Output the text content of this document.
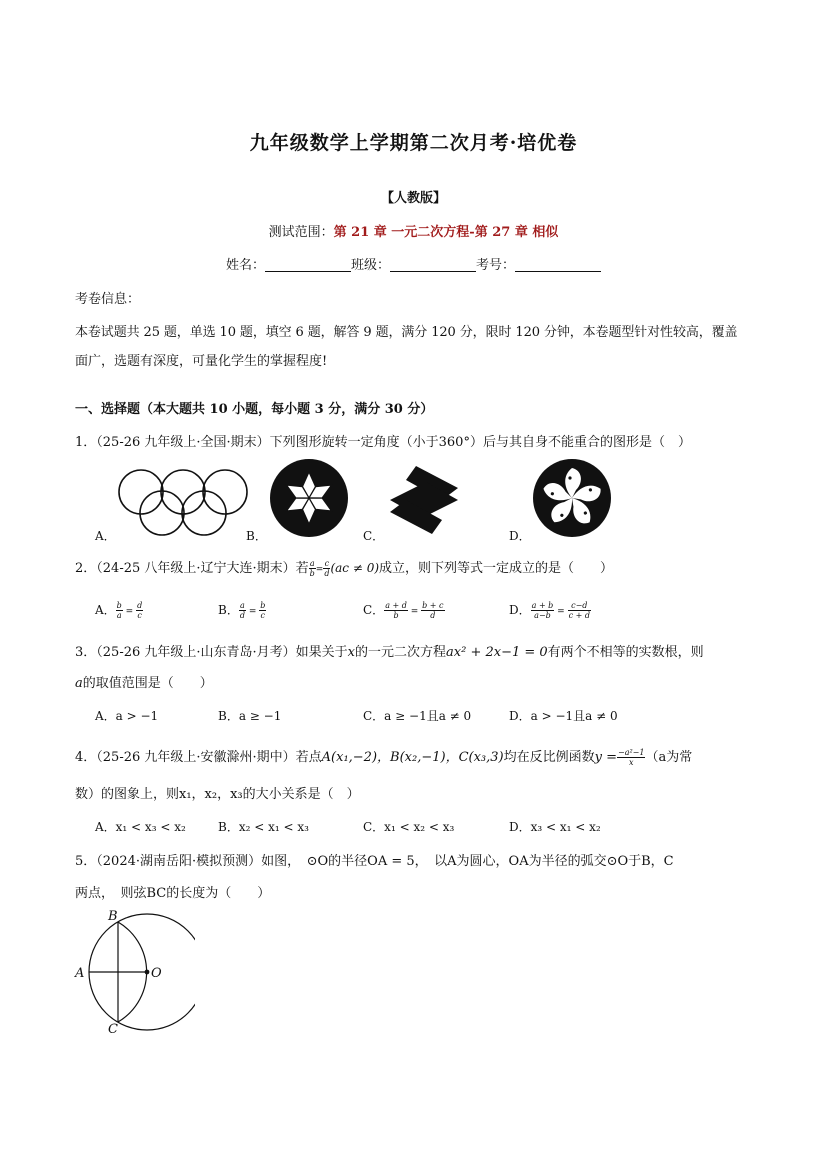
九年级数学上学期第二次月考·培优卷
【人教版】
测试范围：第 21 章 一元二次方程-第 27 章 相似
姓名：	班级：	考号：
考卷信息：
本卷试题共 25 题，单选 10 题，填空 6 题，解答 9 题，满分 120 分，限时 120 分钟，本卷题型针对性较高，覆盖
面广，选题有深度，可量化学生的掌握程度!
一、选择题（本大题共 10 小题，每小题 3 分，满分 30 分）
1．（25-26 九年级上·全国·期末）下列图形旋转一定角度（小于360°）后与其自身不能重合的图形是（　）
A．	B．	C．	D．
2．（24-25 八年级上·辽宁大连·期末）若 $\frac{a}{b} = \frac{c}{d} (ac \ne 0)$成立，则下列等式一定成立的是（　　）
A． $\frac{b}{a} = \frac{d}{c}$	B． $\frac{a}{d} = \frac{b}{c}$	C． $\frac{a + d}{b} = \frac{b + c}{d}$	D． $\frac{a + b}{a-b} = \frac{c-d}{c + d}$
3．（25-26 九年级上·山东青岛·月考）如果关于x的一元二次方程ax² + 2x−1 = 0有两个不相等的实数根，则
a的取值范围是（　　）
A．a > −1	B．a ≥ −1	C．a ≥ −1且a ≠ 0	D．a > −1且a ≠ 0
4．（25-26 九年级上·安徽滁州·期中）若点A(x₁,−2)，B(x₂,−1)，C(x₃,3)均在反比例函数$y = \frac{\text{−a²−1}}{x} (a$为常
数）的图象上，则x₁，x₂，x₃的大小关系是（　）
A．x₁ < x₃ < x₂	B．x₂ < x₁ < x₃	C．x₁ < x₂ < x₃	D．x₃ < x₁ < x₂
5．（2024·湖南岳阳·模拟预测）如图，　⊙O的半径OA = 5，　以A为圆心，OA为半径的弧交⊙O于B，C
两点，　则弦BC的长度为（　　）
B
A	O
C
